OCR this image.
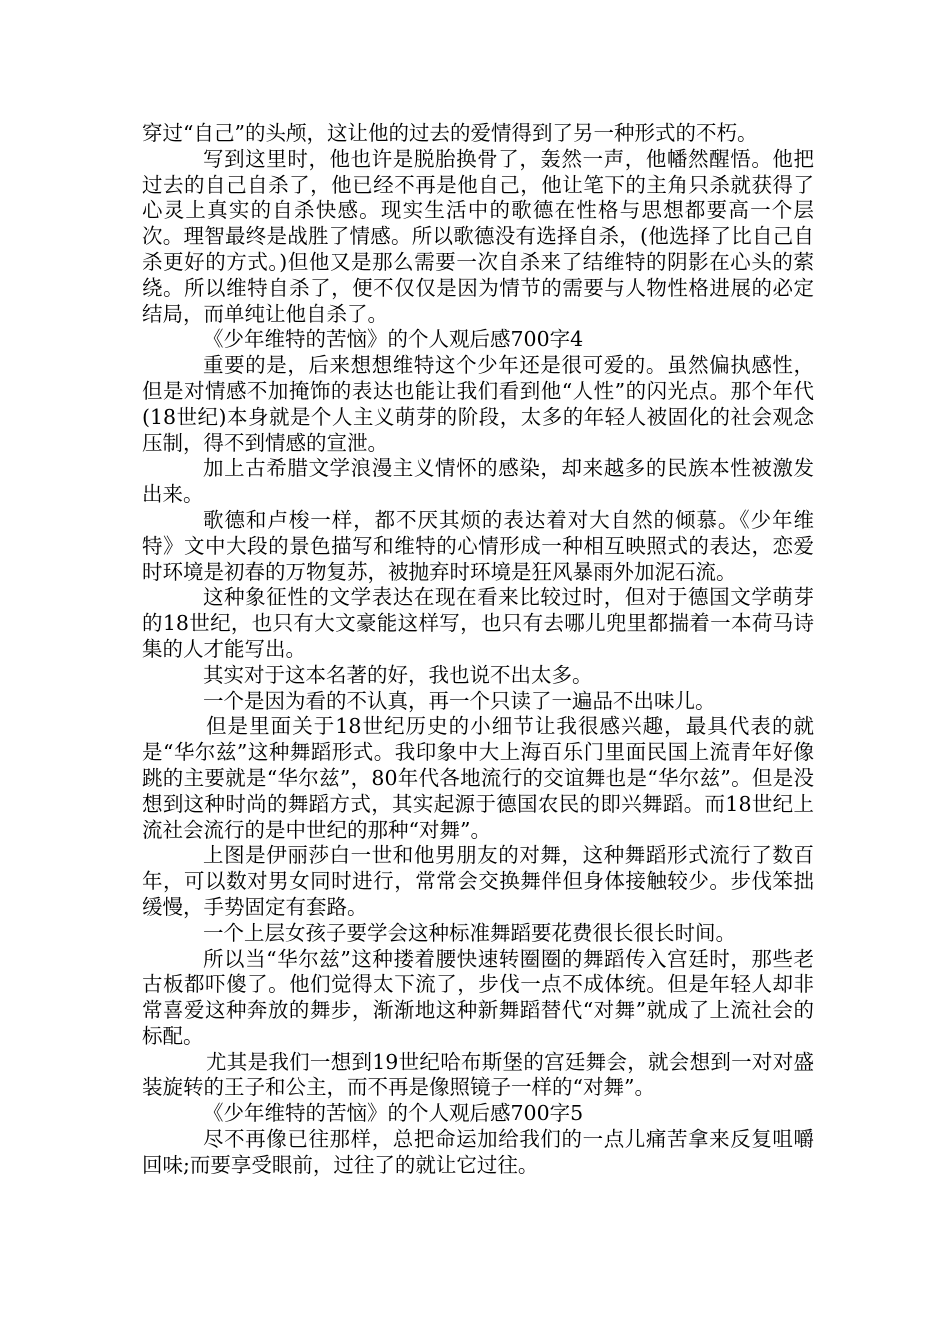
穿过“自己”的头颅，这让他的过去的爱情得到了另一种形式的不朽。

写到这里时，他也许是脱胎换骨了，轰然一声，他幡然醒悟。他把过去的自己自杀了，他已经不再是他自己，他让笔下的主角只杀就获得了心灵上真实的自杀快感。现实生活中的歌德在性格与思想都要高一个层次。理智最终是战胜了情感。所以歌德没有选择自杀，(他选择了比自己自杀更好的方式。)但他又是那么需要一次自杀来了结维特的阴影在心头的萦绕。所以维特自杀了，便不仅仅是因为情节的需要与人物性格进展的必定结局，而单纯让他自杀了。

《少年维特的苦恼》的个人观后感700字4

重要的是，后来想想维特这个少年还是很可爱的。虽然偏执感性，但是对情感不加掩饰的表达也能让我们看到他“人性”的闪光点。那个年代(18世纪)本身就是个人主义萌芽的阶段，太多的年轻人被固化的社会观念压制，得不到情感的宣泄。

加上古希腊文学浪漫主义情怀的感染，却来越多的民族本性被激发出来。

歌德和卢梭一样，都不厌其烦的表达着对大自然的倾慕。《少年维特》文中大段的景色描写和维特的心情形成一种相互映照式的表达，恋爱时环境是初春的万物复苏，被抛弃时环境是狂风暴雨外加泥石流。

这种象征性的文学表达在现在看来比较过时，但对于德国文学萌芽的18世纪，也只有大文豪能这样写，也只有去哪儿兜里都揣着一本荷马诗集的人才能写出。

其实对于这本名著的好，我也说不出太多。

一个是因为看的不认真，再一个只读了一遍品不出味儿。

但是里面关于18世纪历史的小细节让我很感兴趣，最具代表的就是“华尔兹”这种舞蹈形式。我印象中大上海百乐门里面民国上流青年好像跳的主要就是“华尔兹”，80年代各地流行的交谊舞也是“华尔兹”。但是没想到这种时尚的舞蹈方式，其实起源于德国农民的即兴舞蹈。而18世纪上流社会流行的是中世纪的那种“对舞”。

上图是伊丽莎白一世和他男朋友的对舞，这种舞蹈形式流行了数百年，可以数对男女同时进行，常常会交换舞伴但身体接触较少。步伐笨拙缓慢，手势固定有套路。

一个上层女孩子要学会这种标准舞蹈要花费很长很长时间。

所以当“华尔兹”这种搂着腰快速转圈圈的舞蹈传入宫廷时，那些老古板都吓傻了。他们觉得太下流了，步伐一点不成体统。但是年轻人却非常喜爱这种奔放的舞步，渐渐地这种新舞蹈替代“对舞”就成了上流社会的标配。

尤其是我们一想到19世纪哈布斯堡的宫廷舞会，就会想到一对对盛装旋转的王子和公主，而不再是像照镜子一样的“对舞”。

《少年维特的苦恼》的个人观后感700字5

尽不再像已往那样，总把命运加给我们的一点儿痛苦拿来反复咀嚼回味;而要享受眼前，过往了的就让它过往。
